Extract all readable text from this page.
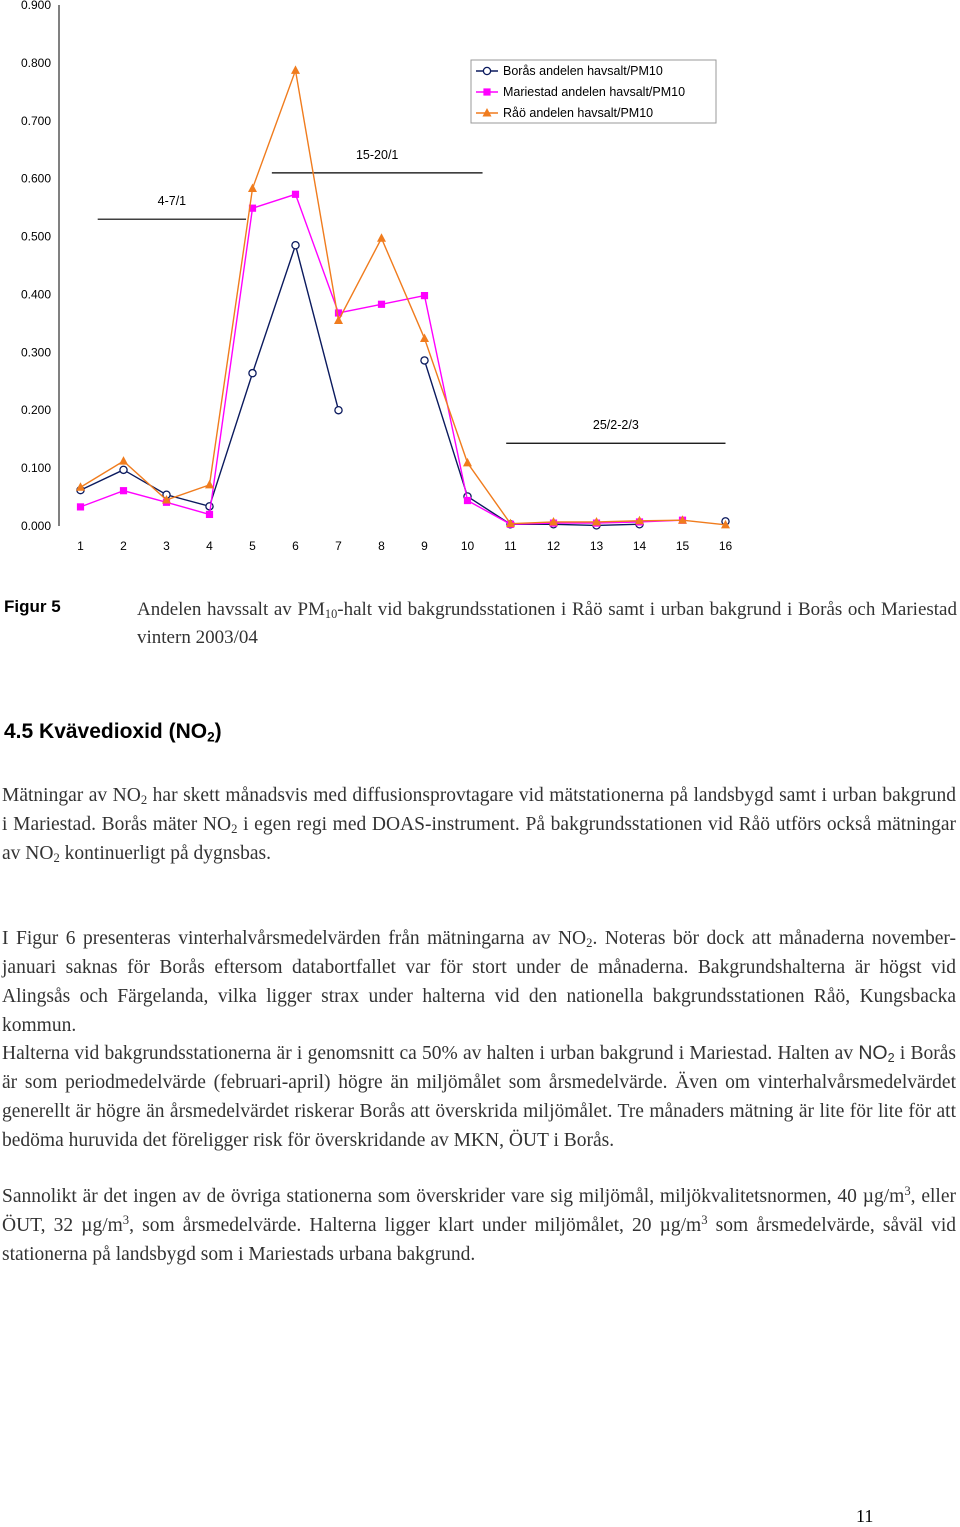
0.000
0.100
0.200
0.300
0.400
0.500
0.600
0.700
0.800
0.900
1	2	3	4	5	6	7	8	9	10	11	12 13 14 15 16
4-7/1
15-20/1
25/2-2/3
Borås andelen havsalt/PM10
Mariestad andelen havsalt/PM10
Råö andelen havsalt/PM10
Figur 5	Andelen havssalt av $PM_{10}$-halt vid bakgrundsstationen i Råö samt i urban bakgrund i Borås och Mariestad vintern 2003/04
4.5 Kvävedioxid $(NO_2)$

Mätningar av $NO_2$ har skett månadsvis med diffusionsprovtagare vid mätstationerna på landsbygd samt i urban bakgrund i Mariestad. Borås mäter $NO_2$ i egen regi med DOAS-instrument. På bakgrundsstationen vid Råö utförs också mätningar av $NO_2$ kontinuerligt på dygnsbas.

I Figur 6 presenteras vinterhalvårsmedelvärden från mätningarna av $NO_2$. Noteras bör dock att månaderna november- januari saknas för Borås eftersom databortfallet var för stort under de månaderna. Bakgrundshalterna är högst vid Alingsås och Färgelanda, vilka ligger strax under halterna vid den nationella bakgrundsstationen Råö, Kungsbacka kommun.

Halterna vid bakgrundsstationerna är i genomsnitt ca 50% av halten i urban bakgrund i Mariestad. Halten av $NO_2$ i Borås är som periodmedelvärde (februari-april) högre än miljömålet som årsmedelvärde. Även om vinterhalvårsmedelvärdet generellt är högre än årsmedelvärdet riskerar Borås att överskrida miljömålet. Tre månaders mätning är lite för lite för att bedöma huruvida det föreligger risk för överskridande av MKN, ÖUT i Borås.

Sannolikt är det ingen av de övriga stationerna som överskrider vare sig miljömål, miljökvalitetsnormen, 40 $\mu g/m^3$, eller ÖUT, 32 $\mu g/m^3$, som årsmedelvärde. Halterna ligger klart under miljömålet, 20 $\mu g/m^3$ som årsmedelvärde, såväl vid stationerna på landsbygd som i Mariestads urbana bakgrund.

11
